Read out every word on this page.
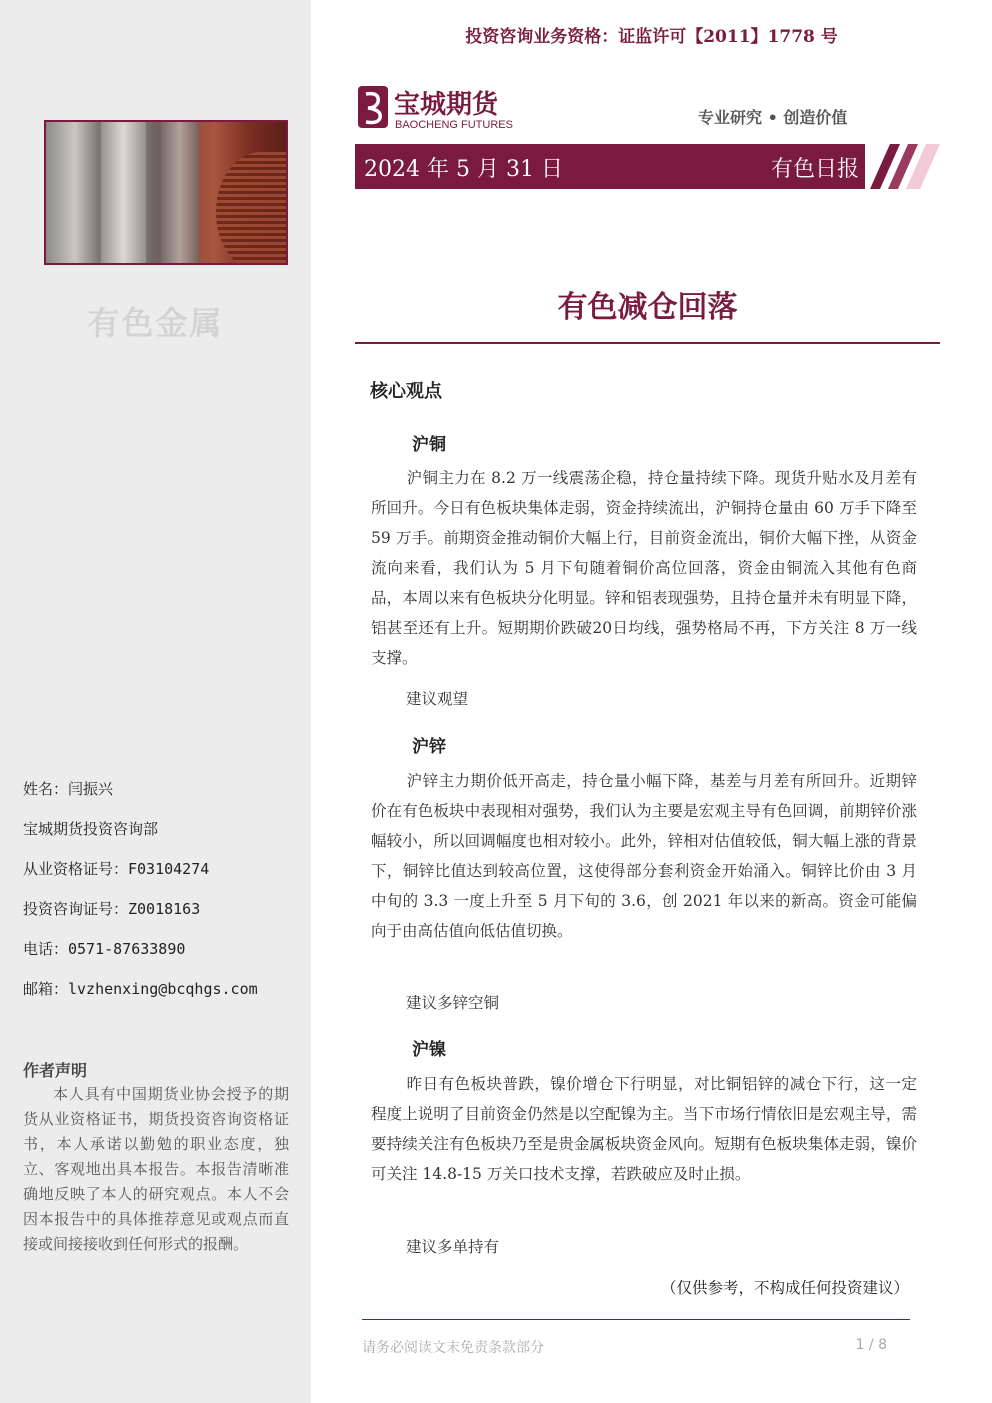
有色金属
姓名：闫振兴
宝城期货投资咨询部
从业资格证号：F03104274
投资咨询证号：Z0018163
电话：0571-87633890
邮箱：lvzhenxing@bcqhgs.com
作者声明
本人具有中国期货业协会授予的期货从业资格证书，期货投资咨询资格证书，本人承诺以勤勉的职业态度，独立、客观地出具本报告。本报告清晰准确地反映了本人的研究观点。本人不会因本报告中的具体推荐意见或观点而直接或间接接收到任何形式的报酬。
投资咨询业务资格：证监许可【2011】1778 号
宝城期货
BAOCHENG FUTURES	专业研究 • 创造价值
2024 年 5 月 31 日	有色日报
有色减仓回落
核心观点
沪铜
沪铜主力在 8.2 万一线震荡企稳，持仓量持续下降。现货升贴水及月差有所回升。今日有色板块集体走弱，资金持续流出，沪铜持仓量由 60 万手下降至 59 万手。前期资金推动铜价大幅上行，目前资金流出，铜价大幅下挫，从资金流向来看，我们认为 5 月下旬随着铜价高位回落，资金由铜流入其他有色商品，本周以来有色板块分化明显。锌和铝表现强势，且持仓量并未有明显下降，铝甚至还有上升。短期期价跌破20日均线，强势格局不再，下方关注 8 万一线支撑。
建议观望
沪锌
沪锌主力期价低开高走，持仓量小幅下降，基差与月差有所回升。近期锌价在有色板块中表现相对强势，我们认为主要是宏观主导有色回调，前期锌价涨幅较小，所以回调幅度也相对较小。此外，锌相对估值较低，铜大幅上涨的背景下，铜锌比值达到较高位置，这使得部分套利资金开始涌入。铜锌比价由 3 月中旬的 3.3 一度上升至 5 月下旬的 3.6，创 2021 年以来的新高。资金可能偏向于由高估值向低估值切换。
建议多锌空铜
沪镍
昨日有色板块普跌，镍价增仓下行明显，对比铜铝锌的减仓下行，这一定程度上说明了目前资金仍然是以空配镍为主。当下市场行情依旧是宏观主导，需要持续关注有色板块乃至是贵金属板块资金风向。短期有色板块集体走弱，镍价可关注 14.8-15 万关口技术支撑，若跌破应及时止损。
建议多单持有
（仅供参考，不构成任何投资建议）
请务必阅读文末免责条款部分	1 / 8
